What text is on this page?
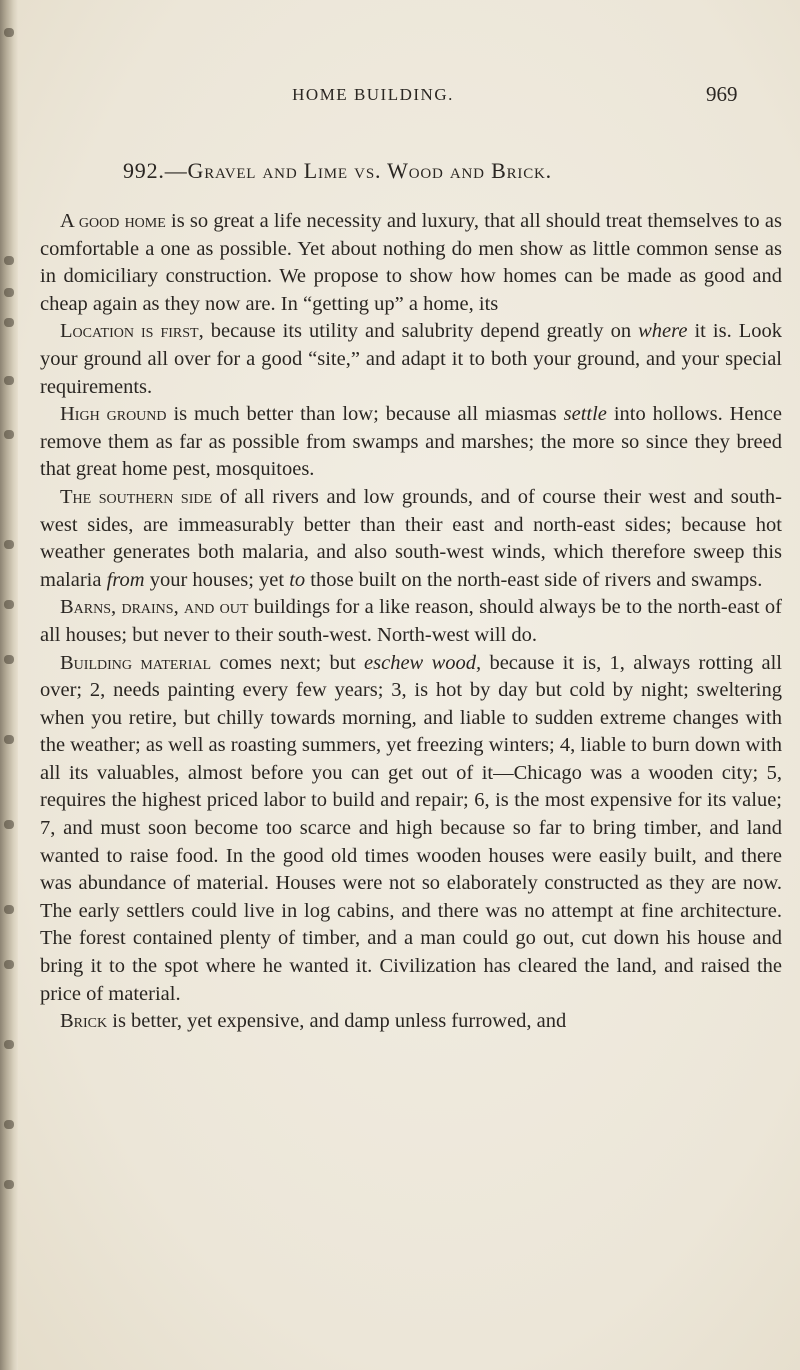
HOME BUILDING.	969
992.—Gravel and Lime vs. Wood and Brick.

A good home is so great a life necessity and luxury, that all should treat themselves to as comfortable a one as possible. Yet about nothing do men show as little common sense as in domiciliary construction. We propose to show how homes can be made as good and cheap again as they now are. In “getting up” a home, its

Location is first, because its utility and salubrity depend greatly on where it is. Look your ground all over for a good “site,” and adapt it to both your ground, and your special requirements.

High ground is much better than low; because all miasmas settle into hollows. Hence remove them as far as possible from swamps and marshes; the more so since they breed that great home pest, mosquitoes.

The southern side of all rivers and low grounds, and of course their west and south-west sides, are immeasurably better than their east and north-east sides; because hot weather generates both malaria, and also south-west winds, which therefore sweep this malaria from your houses; yet to those built on the north-east side of rivers and swamps.

Barns, drains, and out buildings for a like reason, should always be to the north-east of all houses; but never to their south-west. North-west will do.

Building material comes next; but eschew wood, because it is, 1, always rotting all over; 2, needs painting every few years; 3, is hot by day but cold by night; sweltering when you retire, but chilly towards morning, and liable to sudden extreme changes with the weather; as well as roasting summers, yet freezing winters; 4, liable to burn down with all its valuables, almost before you can get out of it—Chicago was a wooden city; 5, requires the highest priced labor to build and repair; 6, is the most expensive for its value; 7, and must soon become too scarce and high because so far to bring timber, and land wanted to raise food. In the good old times wooden houses were easily built, and there was abundance of material. Houses were not so elaborately constructed as they are now. The early settlers could live in log cabins, and there was no attempt at fine architecture. The forest contained plenty of timber, and a man could go out, cut down his house and bring it to the spot where he wanted it. Civilization has cleared the land, and raised the price of material.

Brick is better, yet expensive, and damp unless furrowed, and
